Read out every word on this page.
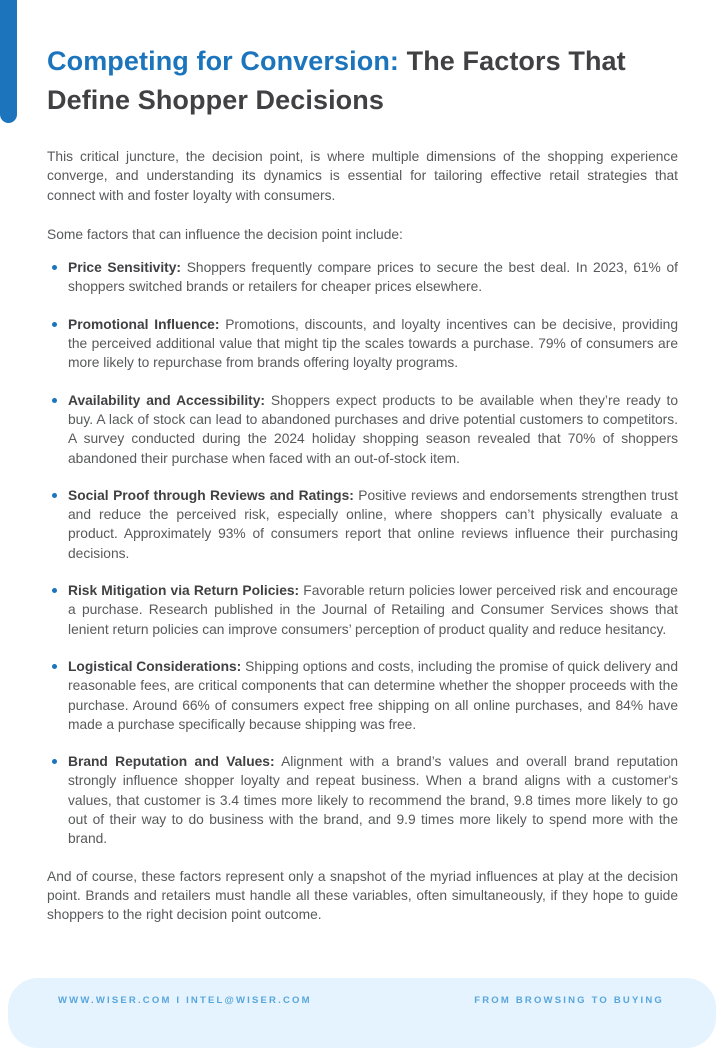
Competing for Conversion: The Factors That Define Shopper Decisions

This critical juncture, the decision point, is where multiple dimensions of the shopping experience converge, and understanding its dynamics is essential for tailoring effective retail strategies that connect with and foster loyalty with consumers.

Some factors that can influence the decision point include:

Price Sensitivity: Shoppers frequently compare prices to secure the best deal. In 2023, 61% of shoppers switched brands or retailers for cheaper prices elsewhere.
Promotional Influence: Promotions, discounts, and loyalty incentives can be decisive, providing the perceived additional value that might tip the scales towards a purchase. 79% of consumers are more likely to repurchase from brands offering loyalty programs.
Availability and Accessibility: Shoppers expect products to be available when they’re ready to buy. A lack of stock can lead to abandoned purchases and drive potential customers to competitors. A survey conducted during the 2024 holiday shopping season revealed that 70% of shoppers abandoned their purchase when faced with an out-of-stock item.
Social Proof through Reviews and Ratings: Positive reviews and endorsements strengthen trust and reduce the perceived risk, especially online, where shoppers can’t physically evaluate a product. Approximately 93% of consumers report that online reviews influence their purchasing decisions.
Risk Mitigation via Return Policies: Favorable return policies lower perceived risk and encourage a purchase. Research published in the Journal of Retailing and Consumer Services shows that lenient return policies can improve consumers’ perception of product quality and reduce hesitancy.
Logistical Considerations: Shipping options and costs, including the promise of quick delivery and reasonable fees, are critical components that can determine whether the shopper proceeds with the purchase. Around 66% of consumers expect free shipping on all online purchases, and 84% have made a purchase specifically because shipping was free.
Brand Reputation and Values: Alignment with a brand’s values and overall brand reputation strongly influence shopper loyalty and repeat business. When a brand aligns with a customer's values, that customer is 3.4 times more likely to recommend the brand, 9.8 times more likely to go out of their way to do business with the brand, and 9.9 times more likely to spend more with the brand.

And of course, these factors represent only a snapshot of the myriad influences at play at the decision point. Brands and retailers must handle all these variables, often simultaneously, if they hope to guide shoppers to the right decision point outcome.

WWW.WISER.COM I INTEL@WISER.COM	FROM BROWSING TO BUYING
